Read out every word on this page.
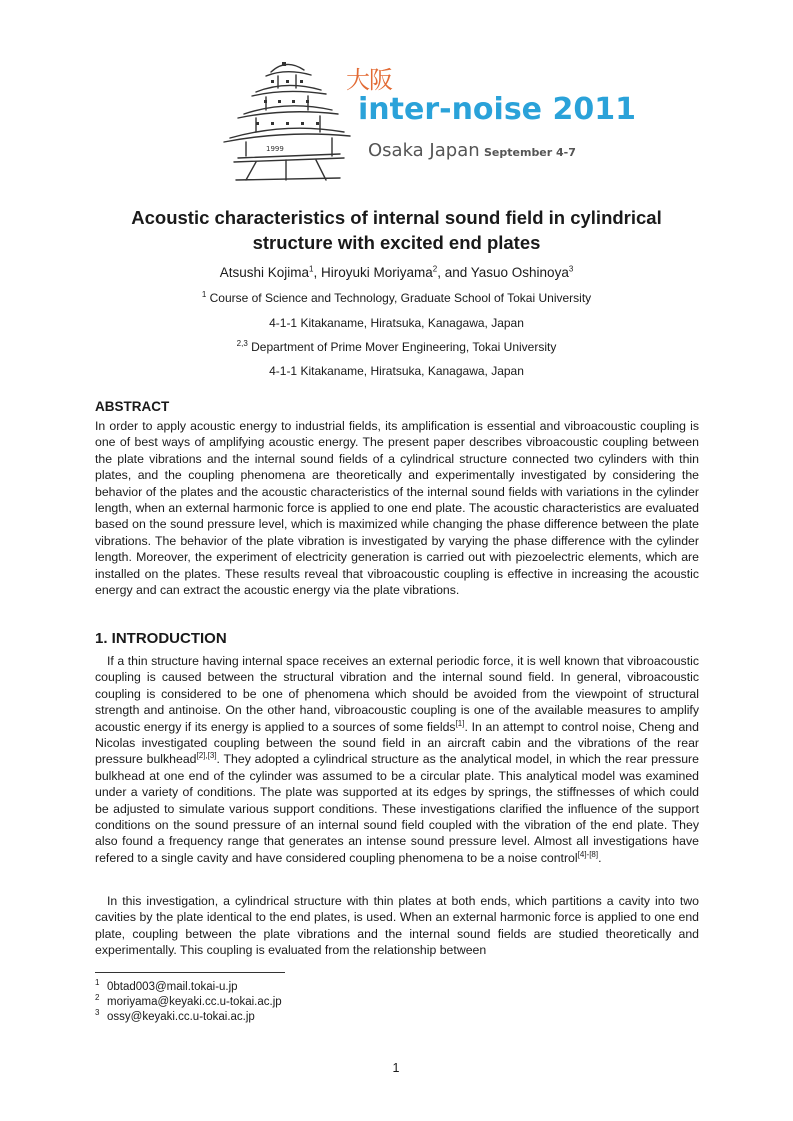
1999
大阪
inter-noise 2011
Osaka Japan September 4-7
Acoustic characteristics of internal sound field in cylindrical
structure with excited end plates
Atsushi Kojima$^1$, Hiroyuki Moriyama$^2$, and Yasuo Oshinoya$^3$
$^1$ Course of Science and Technology, Graduate School of Tokai University
4-1-1 Kitakaname, Hiratsuka, Kanagawa, Japan
$^{2,3}$ Department of Prime Mover Engineering, Tokai University
4-1-1 Kitakaname, Hiratsuka, Kanagawa, Japan
ABSTRACT

In order to apply acoustic energy to industrial fields, its amplification is essential and vibroacoustic coupling is one of best ways of amplifying acoustic energy. The present paper describes vibroacoustic coupling between the plate vibrations and the internal sound fields of a cylindrical structure connected two cylinders with thin plates, and the coupling phenomena are theoretically and experimentally investigated by considering the behavior of the plates and the acoustic characteristics of the internal sound fields with variations in the cylinder length, when an external harmonic force is applied to one end plate. The acoustic characteristics are evaluated based on the sound pressure level, which is maximized while changing the phase difference between the plate vibrations. The behavior of the plate vibration is investigated by varying the phase difference with the cylinder length. Moreover, the experiment of electricity generation is carried out with piezoelectric elements, which are installed on the plates. These results reveal that vibroacoustic coupling is effective in increasing the acoustic energy and can extract the acoustic energy via the plate vibrations.

1. INTRODUCTION

If a thin structure having internal space receives an external periodic force, it is well known that vibroacoustic coupling is caused between the structural vibration and the internal sound field. In general, vibroacoustic coupling is considered to be one of phenomena which should be avoided from the viewpoint of structural strength and antinoise. On the other hand, vibroacoustic coupling is one of the available measures to amplify acoustic energy if its energy is applied to a sources of some fields[1]. In an attempt to control noise, Cheng and Nicolas investigated coupling between the sound field in an aircraft cabin and the vibrations of the rear pressure bulkhead[2],[3]. They adopted a cylindrical structure as the analytical model, in which the rear pressure bulkhead at one end of the cylinder was assumed to be a circular plate. This analytical model was examined under a variety of conditions. The plate was supported at its edges by springs, the stiffnesses of which could be adjusted to simulate various support conditions. These investigations clarified the influence of the support conditions on the sound pressure of an internal sound field coupled with the vibration of the end plate. They also found a frequency range that generates an intense sound pressure level. Almost all investigations have refered to a single cavity and have considered coupling phenomena to be a noise control[4]-[8].

In this investigation, a cylindrical structure with thin plates at both ends, which partitions a cavity into two cavities by the plate identical to the end plates, is used. When an external harmonic force is applied to one end plate, coupling between the plate vibrations and the internal sound fields are studied theoretically and experimentally. This coupling is evaluated from the relationship between

1 0btad003@mail.tokai-u.jp
2 moriyama@keyaki.cc.u-tokai.ac.jp
3 ossy@keyaki.cc.u-tokai.ac.jp
1
